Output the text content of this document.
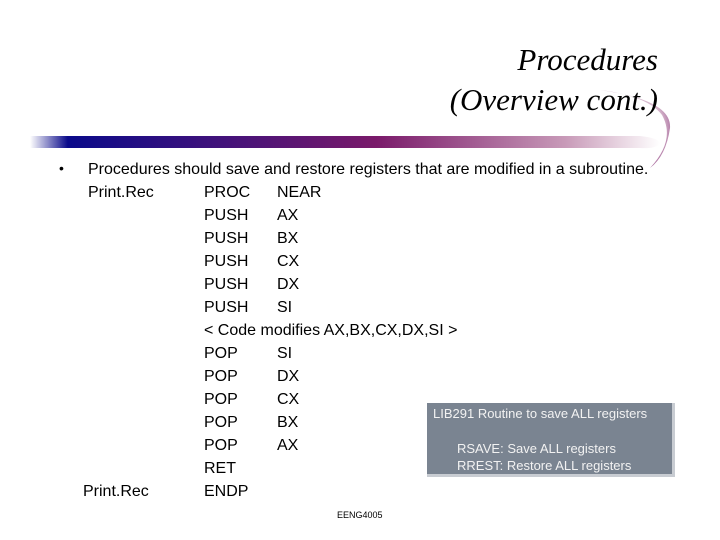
Procedures
(Overview cont.)
• Procedures should save and restore registers that are modified in a subroutine.
Print.Rec	PROC NEAR
PUSH AX
PUSH BX
PUSH CX
PUSH DX
PUSH SI
< Code modifies AX,BX,CX,DX,SI >
POP SI
POP DX
POP CX
POP BX
POP AX
RET
Print.Rec	ENDP
LIB291 Routine to save ALL registers
RSAVE: Save ALL registers
RREST: Restore ALL registers
EENG4005
